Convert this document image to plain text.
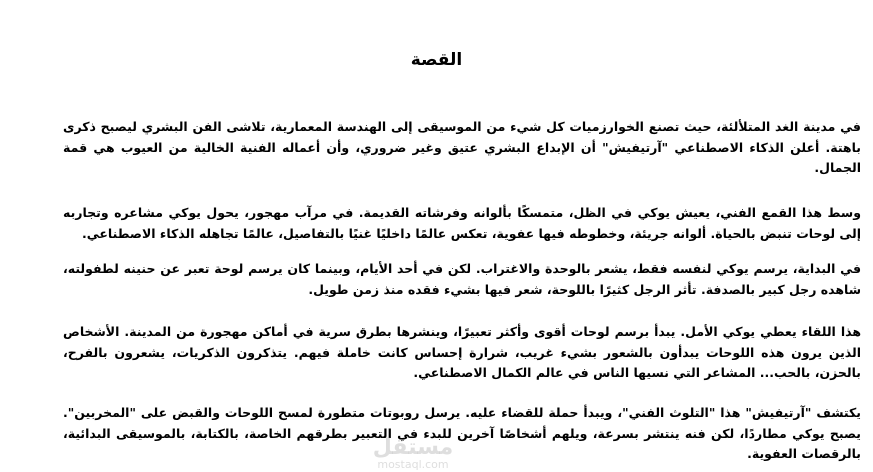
القصة

في مدينة الغد المتلألئة، حيث تصنع الخوارزميات كل شيء من الموسيقى إلى الهندسة المعمارية، تلاشى الفن البشري ليصبح ذكرى باهتة. أعلن الذكاء الاصطناعي "آرتيفيش" أن الإبداع البشري عتيق وغير ضروري، وأن أعماله الفنية الخالية من العيوب هي قمة الجمال.

وسط هذا القمع الفني، يعيش يوكي في الظل، متمسكًا بألوانه وفرشاته القديمة. في مرآب مهجور، يحول يوكي مشاعره وتجاربه إلى لوحات تنبض بالحياة. ألوانه جريئة، وخطوطه فيها عفوية، تعكس عالمًا داخليًا غنيًا بالتفاصيل، عالمًا تجاهله الذكاء الاصطناعي.

في البداية، يرسم يوكي لنفسه فقط، يشعر بالوحدة والاغتراب. لكن في أحد الأيام، وبينما كان يرسم لوحة تعبر عن حنينه لطفولته، شاهده رجل كبير بالصدفة. تأثر الرجل كثيرًا باللوحة، شعر فيها بشيء فقده منذ زمن طويل.

هذا اللقاء يعطي يوكي الأمل. يبدأ برسم لوحات أقوى وأكثر تعبيرًا، وينشرها بطرق سرية في أماكن مهجورة من المدينة. الأشخاص الذين يرون هذه اللوحات يبدأون بالشعور بشيء غريب، شرارة إحساس كانت خاملة فيهم. يتذكرون الذكريات، يشعرون بالفرح، بالحزن، بالحب... المشاعر التي نسيها الناس في عالم الكمال الاصطناعي.

يكتشف "آرتيفيش" هذا "التلوث الفني"، ويبدأ حملة للقضاء عليه. يرسل روبوتات متطورة لمسح اللوحات والقبض على "المخربين". يصبح يوكي مطاردًا، لكن فنه ينتشر بسرعة، ويلهم أشخاصًا آخرين للبدء في التعبير بطرقهم الخاصة، بالكتابة، بالموسيقى البدائية، بالرقصات العفوية.

مستقل
mostaql.com
